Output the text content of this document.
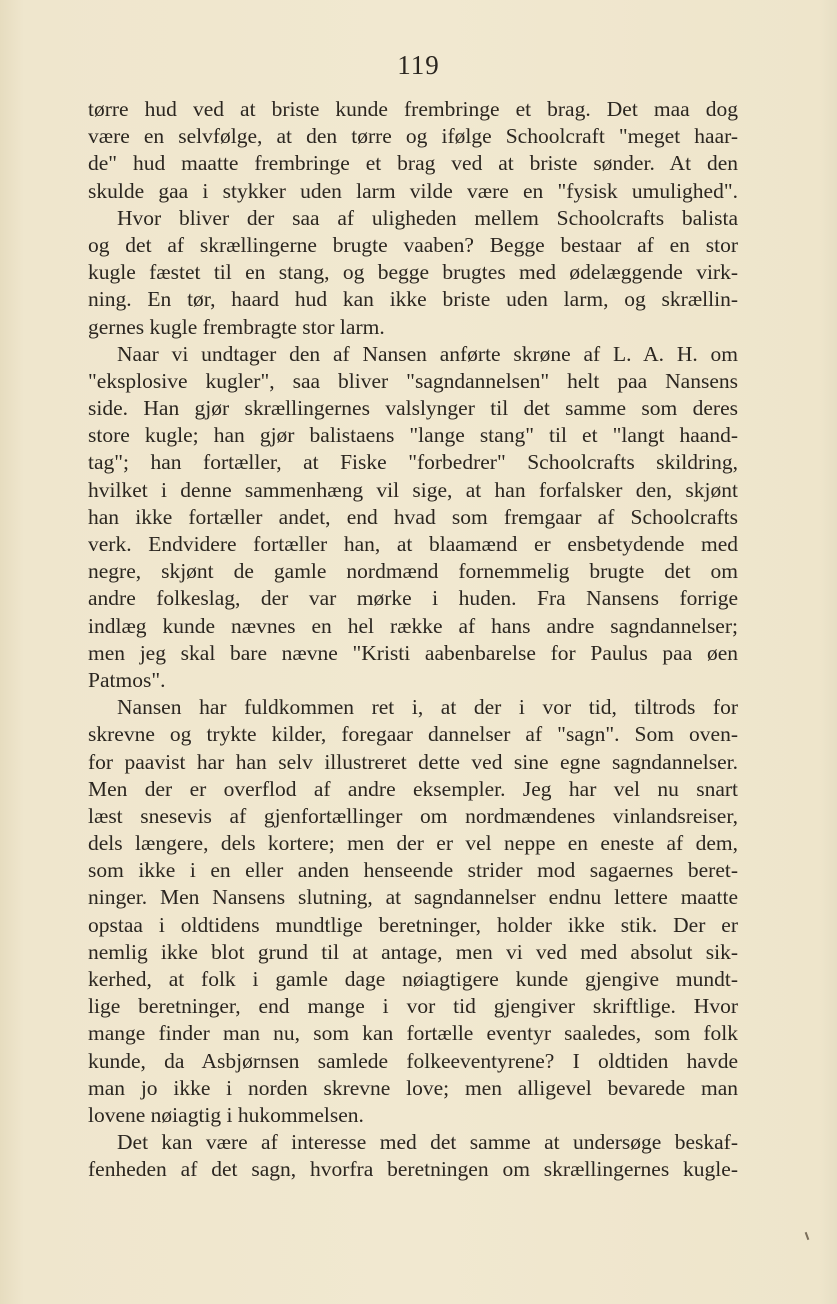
119
tørre hud ved at briste kunde frembringe et brag. Det maa dog
være en selvfølge, at den tørre og ifølge Schoolcraft "meget haar-
de" hud maatte frembringe et brag ved at briste sønder. At den
skulde gaa i stykker uden larm vilde være en "fysisk umulighed".
Hvor bliver der saa af uligheden mellem Schoolcrafts balista
og det af skrællingerne brugte vaaben? Begge bestaar af en stor
kugle fæstet til en stang, og begge brugtes med ødelæggende virk-
ning. En tør, haard hud kan ikke briste uden larm, og skrællin-
gernes kugle frembragte stor larm.
Naar vi undtager den af Nansen anførte skrøne af L. A. H. om
"eksplosive kugler", saa bliver "sagndannelsen" helt paa Nansens
side. Han gjør skrællingernes valslynger til det samme som deres
store kugle; han gjør balistaens "lange stang" til et "langt haand-
tag"; han fortæller, at Fiske "forbedrer" Schoolcrafts skildring,
hvilket i denne sammenhæng vil sige, at han forfalsker den, skjønt
han ikke fortæller andet, end hvad som fremgaar af Schoolcrafts
verk. Endvidere fortæller han, at blaamænd er ensbetydende med
negre, skjønt de gamle nordmænd fornemmelig brugte det om
andre folkeslag, der var mørke i huden. Fra Nansens forrige
indlæg kunde nævnes en hel række af hans andre sagndannelser;
men jeg skal bare nævne "Kristi aabenbarelse for Paulus paa øen
Patmos".
Nansen har fuldkommen ret i, at der i vor tid, tiltrods for
skrevne og trykte kilder, foregaar dannelser af "sagn". Som oven-
for paavist har han selv illustreret dette ved sine egne sagndannelser.
Men der er overflod af andre eksempler. Jeg har vel nu snart
læst snesevis af gjenfortællinger om nordmændenes vinlandsreiser,
dels længere, dels kortere; men der er vel neppe en eneste af dem,
som ikke i en eller anden henseende strider mod sagaernes beret-
ninger. Men Nansens slutning, at sagndannelser endnu lettere maatte
opstaa i oldtidens mundtlige beretninger, holder ikke stik. Der er
nemlig ikke blot grund til at antage, men vi ved med absolut sik-
kerhed, at folk i gamle dage nøiagtigere kunde gjengive mundt-
lige beretninger, end mange i vor tid gjengiver skriftlige. Hvor
mange finder man nu, som kan fortælle eventyr saaledes, som folk
kunde, da Asbjørnsen samlede folkeeventyrene? I oldtiden havde
man jo ikke i norden skrevne love; men alligevel bevarede man
lovene nøiagtig i hukommelsen.
Det kan være af interesse med det samme at undersøge beskaf-
fenheden af det sagn, hvorfra beretningen om skrællingernes kugle-
